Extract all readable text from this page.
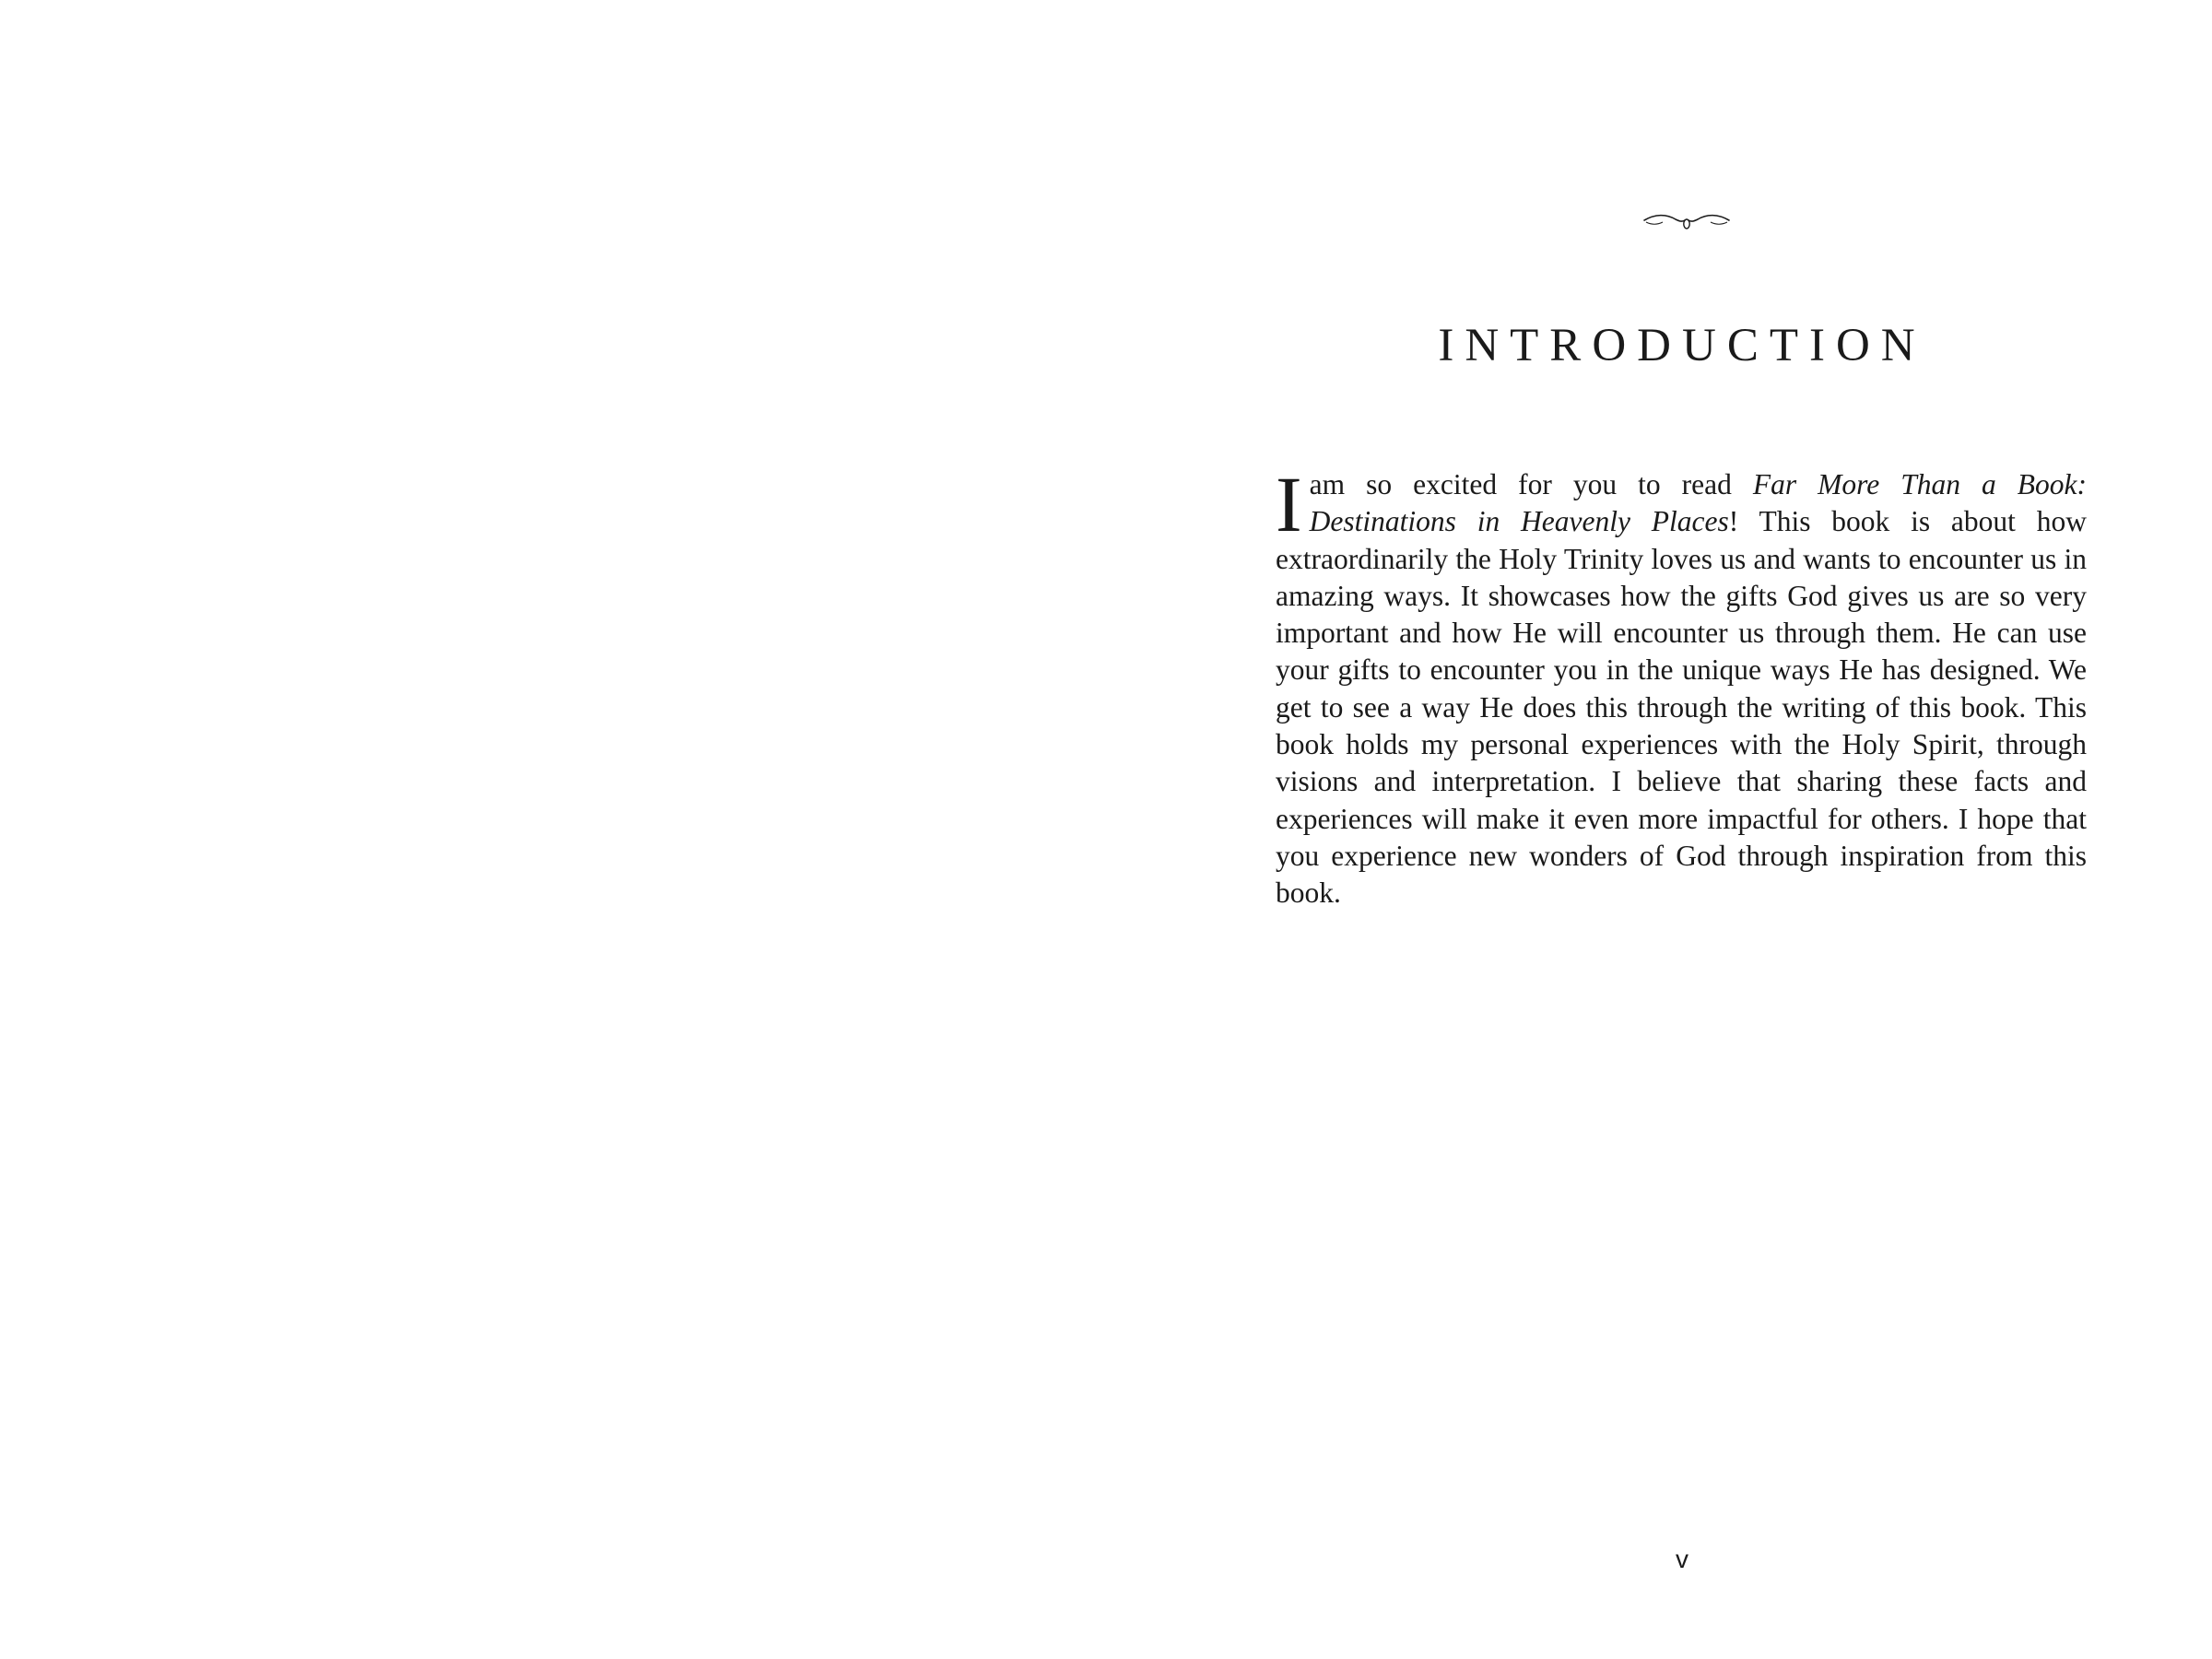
INTRODUCTION

I am so excited for you to read Far More Than a Book: Destinations in Heavenly Places! This book is about how extraordinarily the Holy Trinity loves us and wants to encounter us in amazing ways. It showcases how the gifts God gives us are so very important and how He will encounter us through them. He can use your gifts to encounter you in the unique ways He has designed. We get to see a way He does this through the writing of this book. This book holds my personal experiences with the Holy Spirit, through visions and interpretation. I believe that sharing these facts and experiences will make it even more impactful for others. I hope that you experience new wonders of God through inspiration from this book.

v
